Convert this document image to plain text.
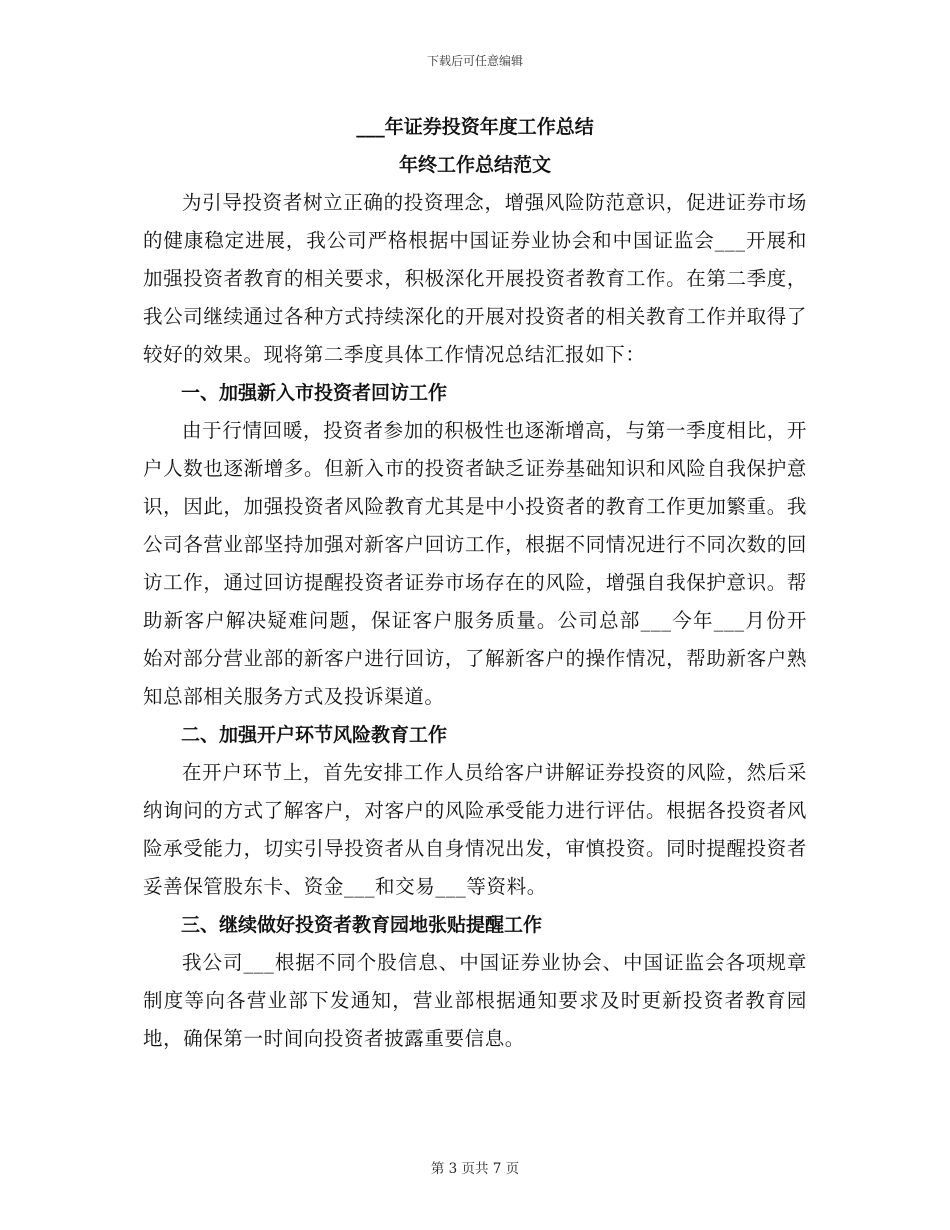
下载后可任意编辑

___年证券投资年度工作总结

年终工作总结范文

为引导投资者树立正确的投资理念，增强风险防范意识，促进证券市场的健康稳定进展，我公司严格根据中国证券业协会和中国证监会___开展和加强投资者教育的相关要求，积极深化开展投资者教育工作。在第二季度，我公司继续通过各种方式持续深化的开展对投资者的相关教育工作并取得了较好的效果。现将第二季度具体工作情况总结汇报如下：

一、加强新入市投资者回访工作

由于行情回暖，投资者参加的积极性也逐渐增高，与第一季度相比，开户人数也逐渐增多。但新入市的投资者缺乏证券基础知识和风险自我保护意识，因此，加强投资者风险教育尤其是中小投资者的教育工作更加繁重。我公司各营业部坚持加强对新客户回访工作，根据不同情况进行不同次数的回访工作，通过回访提醒投资者证券市场存在的风险，增强自我保护意识。帮助新客户解决疑难问题，保证客户服务质量。公司总部___今年___月份开始对部分营业部的新客户进行回访，了解新客户的操作情况，帮助新客户熟知总部相关服务方式及投诉渠道。

二、加强开户环节风险教育工作

在开户环节上，首先安排工作人员给客户讲解证券投资的风险，然后采纳询问的方式了解客户，对客户的风险承受能力进行评估。根据各投资者风险承受能力，切实引导投资者从自身情况出发，审慎投资。同时提醒投资者妥善保管股东卡、资金___和交易___等资料。

三、继续做好投资者教育园地张贴提醒工作

我公司___根据不同个股信息、中国证券业协会、中国证监会各项规章制度等向各营业部下发通知，营业部根据通知要求及时更新投资者教育园地，确保第一时间向投资者披露重要信息。

第 3 页共 7 页
